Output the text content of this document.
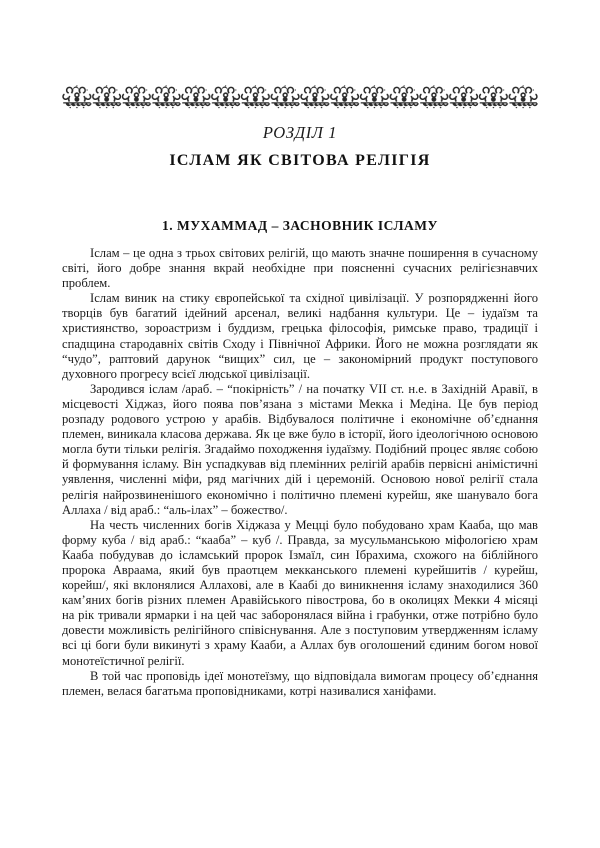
РОЗДІЛ 1
ІСЛАМ ЯК СВІТОВА РЕЛІГІЯ
1. МУХАММАД – ЗАСНОВНИК ІСЛАМУ

Іслам – це одна з трьох світових релігій, що мають значне поширення в сучасному світі, його добре знання вкрай необхідне при поясненні сучасних релігієзнавчих проблем.

Іслам виник на стику європейської та східної цивілізації. У розпорядженні його творців був багатий ідейний арсенал, великі надбання культури. Це – іудаїзм та християнство, зороастризм і буддизм, грецька філософія, римське право, традиції і спадщина стародавніх світів Сходу і Північної Африки. Його не можна розглядати як “чудо”, раптовий дарунок “вищих” сил, це – закономірний продукт поступового духовного прогресу всієї людської цивілізації.

Зародився іслам /араб. – “покірність” / на початку VII ст. н.е. в Західній Аравії, в місцевості Хіджаз, його поява пов’язана з містами Мекка і Медіна. Це був період розпаду родового устрою у арабів. Відбувалося політичне і економічне об’єднання племен, виникала класова держава. Як це вже було в історії, його ідеологічною основою могла бути тільки релігія. Згадаймо походження іудаїзму. Подібний процес являє собою й формування ісламу. Він успадкував від племінних релігій арабів первісні анімістичні уявлення, численні міфи, ряд магічних дій і церемоній. Основою нової релігії стала релігія найрозвиненішого економічно і політично племені курейш, яке шанувало бога Аллаха / від араб.: “аль-ілах” – божество/.

На честь численних богів Хіджаза у Мецці було побудовано храм Кааба, що мав форму куба / від араб.: “кааба” – куб /. Правда, за мусульманською міфологією храм Кааба побудував до ісламський пророк Ізмаїл, син Ібрахима, схожого на біблійного пророка Авраама, який був праотцем мекканського племені курейшитів / курейш, корейш/, які вклонялися Аллахові, але в Каабі до виникнення ісламу знаходилися 360 кам’яних богів різних племен Аравійського півострова, бо в околицях Мекки 4 місяці на рік тривали ярмарки і на цей час заборонялася війна і грабунки, отже потрібно було довести можливість релігійного співіснування. Але з поступовим утвердженням ісламу всі ці боги були викинуті з храму Кааби, а Аллах був оголошений єдиним богом нової монотеїстичної релігії.

В той час проповідь ідеї монотеїзму, що відповідала вимогам процесу об’єднання племен, велася багатьма проповідниками, котрі називалися ханіфами.
